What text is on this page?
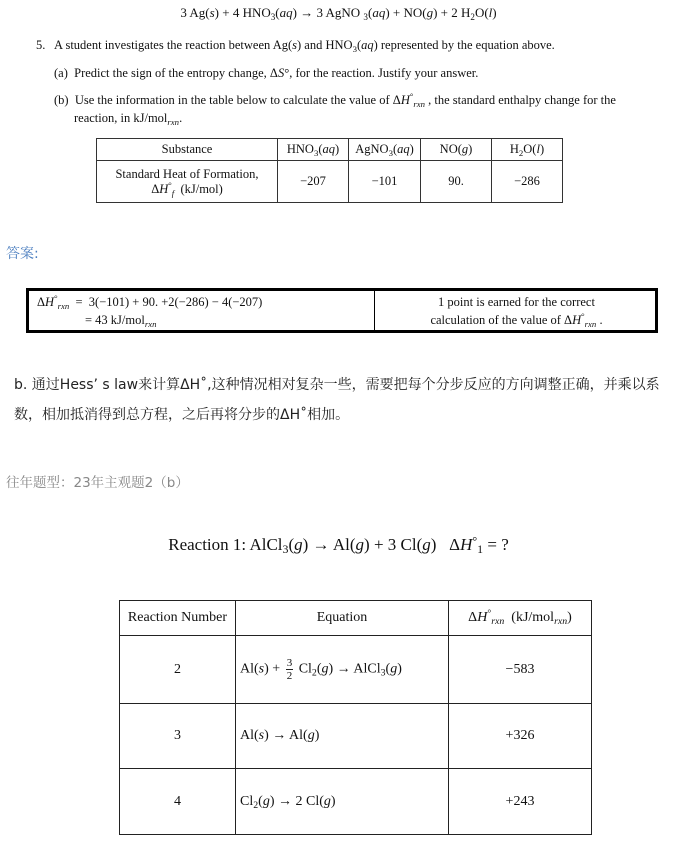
3 Ag(s) + 4 $HNO_3(aq) \to 3$ AgNO $_3$(aq) + NO(g) + 2 $H_2O(l)$
5. A student investigates the reaction between Ag(s) and $HNO_3(aq)$ represented by the equation above.
(a)  Predict the sign of the entropy change, ΔS°, for the reaction. Justify your answer.
(b)  Use the information in the table below to calculate the value of $\Delta H^\circ_{rxn}$ , the standard enthalpy change for the
reaction, in kJ/mol$_{rxn}$.
Substance	$HNO_3(aq)$	AgNO$_3$(aq)	NO(g)	$H_2O(l)$
Standard Heat of Formation,
$\Delta H^\circ_f$  (kJ/mol)	−207	−101	90.	−286
答案:
$\Delta H^\circ_{rxn} = 3(-101) + 90$. +2(−286) − 4(−207)
= 43 kJ/mol$_{rxn}$
1 point is earned for the correct
calculation of the value of $\Delta H^\circ_{rxn}$ .
b. 通过Hess’ s law来计算ΔH˚,这种情况相对复杂一些，需要把每个分步反应的方向调整正确，并乘以系数，相加抵消得到总方程，之后再将分步的ΔH˚相加。
往年题型：23年主观题2（b）
Reaction 1: AlCl$_3$(g) → Al(g) + 3 Cl(g)   $\Delta H^\circ_1$ = ?
Reaction Number	Equation	$\Delta H^\circ_{rxn}$  (kJ/mol$_{rxn}$)
2	$Al(s) + \frac{3}{2} Cl_2(g)$ → AlCl$_3$(g)	−583
3	Al(s) → Al(g)	+326
4	$Cl_2(g) \to 2$ Cl(g)	+243
